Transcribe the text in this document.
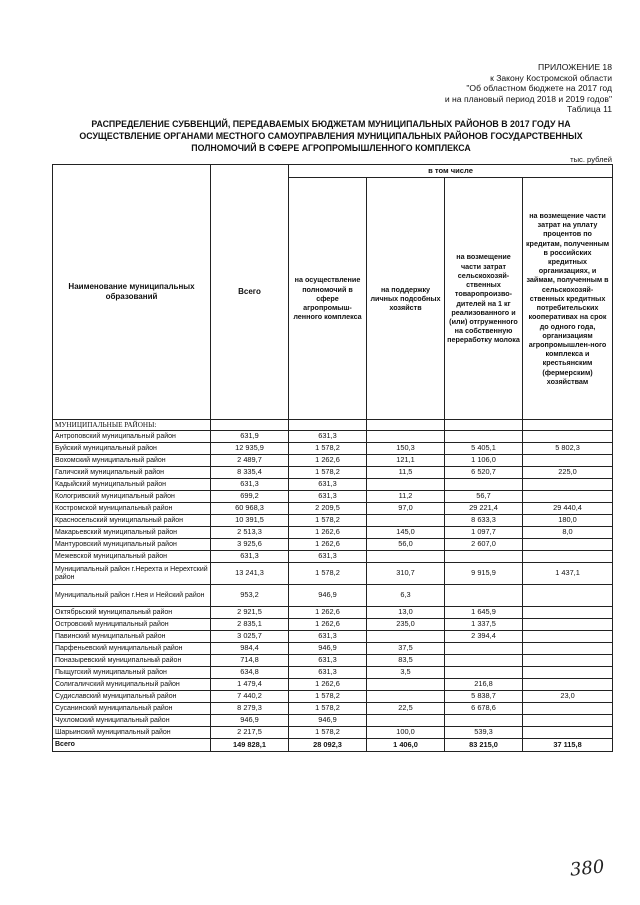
ПРИЛОЖЕНИЕ 18
к Закону Костромской области
"Об областном бюджете на 2017 год
и на плановый период 2018 и 2019 годов"
Таблица 11
РАСПРЕДЕЛЕНИЕ СУБВЕНЦИЙ, ПЕРЕДАВАЕМЫХ БЮДЖЕТАМ МУНИЦИПАЛЬНЫХ РАЙОНОВ В 2017 ГОДУ НА
ОСУЩЕСТВЛЕНИЕ ОРГАНАМИ МЕСТНОГО САМОУПРАВЛЕНИЯ МУНИЦИПАЛЬНЫХ РАЙОНОВ ГОСУДАРСТВЕННЫХ
ПОЛНОМОЧИЙ В СФЕРЕ АГРОПРОМЫШЛЕННОГО КОМПЛЕКСА
тыс. рублей
Наименование муниципальных образований	Всего	в том числе			
		на осуществление полномочий в сфере агропромыш-ленного комплекса	на поддержку личных подсобных хозяйств	на возмещение части затрат сельскохозяй-ственных товаропроизво-дителей на 1 кг реализованного и (или) отгруженного на собственную переработку молока	на возмещение части затрат на уплату процентов по кредитам, полученным в российских кредитных организациях, и займам, полученным в сельскохозяй-ственных кредитных потребительских кооперативах на срок до одного года, организациям агропромышлен-ного комплекса и крестьянским (фермерским) хозяйствам
МУНИЦИПАЛЬНЫЕ РАЙОНЫ:					
Антроповский муниципальный район	631,9	631,3			
Буйский муниципальный район	12 935,9	1 578,2	150,3	5 405,1	5 802,3
Вохомский муниципальный район	2 489,7	1 262,6	121,1	1 106,0	
Галичский муниципальный район	8 335,4	1 578,2	11,5	6 520,7	225,0
Кадыйский муниципальный район	631,3	631,3			
Кологривский муниципальный район	699,2	631,3	11,2	56,7	
Костромской муниципальный район	60 968,3	2 209,5	97,0	29 221,4	29 440,4
Красносельский муниципальный район	10 391,5	1 578,2		8 633,3	180,0
Макарьевский муниципальный район	2 513,3	1 262,6	145,0	1 097,7	8,0
Мантуровский муниципальный район	3 925,6	1 262,6	56,0	2 607,0	
Межевской муниципальный район	631,3	631,3			
Муниципальный район г.Нерехта и Нерехтский район	13 241,3	1 578,2	310,7	9 915,9	1 437,1
Муниципальный район г.Нея и Нейский район	953,2	946,9	6,3		
Октябрьский муниципальный район	2 921,5	1 262,6	13,0	1 645,9	
Островский муниципальный район	2 835,1	1 262,6	235,0	1 337,5	
Павинский муниципальный район	3 025,7	631,3		2 394,4	
Парфеньевский муниципальный район	984,4	946,9	37,5		
Поназыревский муниципальный район	714,8	631,3	83,5		
Пыщугский муниципальный район	634,8	631,3	3,5		
Солигаличский муниципальный район	1 479,4	1 262,6		216,8	
Судиславский муниципальный район	7 440,2	1 578,2		5 838,7	23,0
Сусанинский муниципальный район	8 279,3	1 578,2	22,5	6 678,6	
Чухломский муниципальный район	946,9	946,9			
Шарьинский муниципальный район	2 217,5	1 578,2	100,0	539,3	
Всего	149 828,1	28 092,3	1 406,0	83 215,0	37 115,8
380
